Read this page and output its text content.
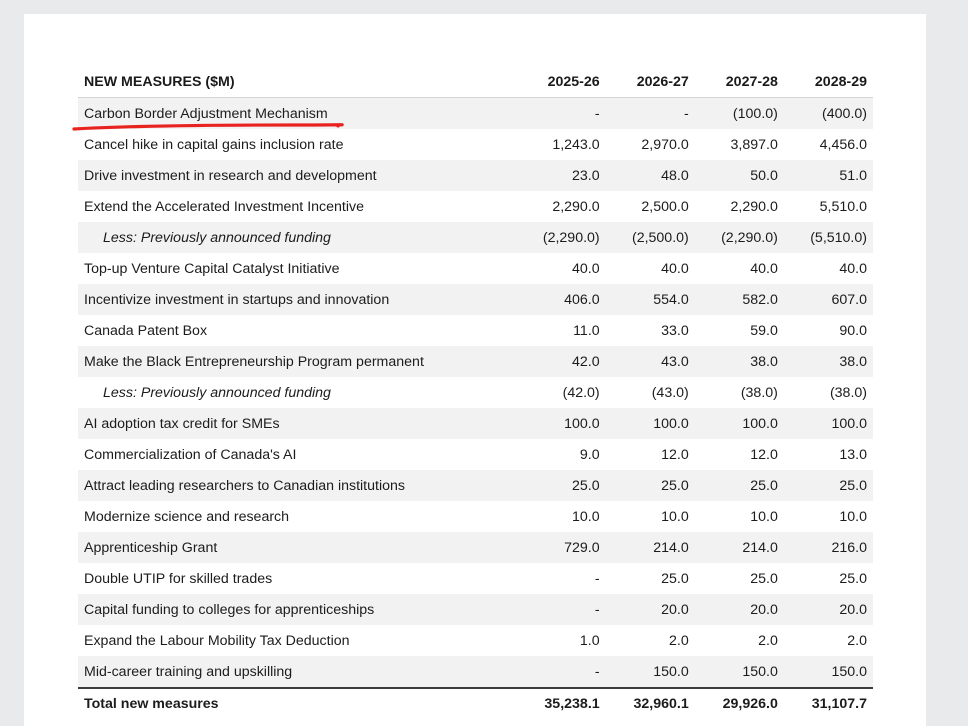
NEW MEASURES ($M)	2025-26	2026-27	2027-28	2028-29
Carbon Border Adjustment Mechanism	-	-	(100.0)	(400.0)
Cancel hike in capital gains inclusion rate	1,243.0	2,970.0	3,897.0	4,456.0
Drive investment in research and development	23.0	48.0	50.0	51.0
Extend the Accelerated Investment Incentive	2,290.0	2,500.0	2,290.0	5,510.0
Less: Previously announced funding	(2,290.0)	(2,500.0)	(2,290.0)	(5,510.0)
Top-up Venture Capital Catalyst Initiative	40.0	40.0	40.0	40.0
Incentivize investment in startups and innovation	406.0	554.0	582.0	607.0
Canada Patent Box	11.0	33.0	59.0	90.0
Make the Black Entrepreneurship Program permanent	42.0	43.0	38.0	38.0
Less: Previously announced funding	(42.0)	(43.0)	(38.0)	(38.0)
AI adoption tax credit for SMEs	100.0	100.0	100.0	100.0
Commercialization of Canada's AI	9.0	12.0	12.0	13.0
Attract leading researchers to Canadian institutions	25.0	25.0	25.0	25.0
Modernize science and research	10.0	10.0	10.0	10.0
Apprenticeship Grant	729.0	214.0	214.0	216.0
Double UTIP for skilled trades	-	25.0	25.0	25.0
Capital funding to colleges for apprenticeships	-	20.0	20.0	20.0
Expand the Labour Mobility Tax Deduction	1.0	2.0	2.0	2.0
Mid-career training and upskilling	-	150.0	150.0	150.0
Total new measures	35,238.1	32,960.1	29,926.0	31,107.7
